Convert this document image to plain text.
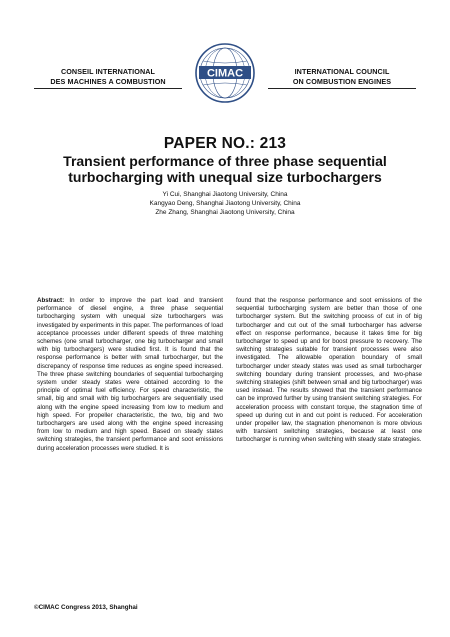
CONSEIL INTERNATIONAL
DES MACHINES A COMBUSTION
CIMAC	INTERNATIONAL COUNCIL
ON COMBUSTION ENGINES
PAPER NO.: 213
Transient performance of three phase sequential
turbocharging with unequal size turbochargers
Yi Cui, Shanghai Jiaotong University, China
Kangyao Deng, Shanghai Jiaotong University, China
Zhe Zhang, Shanghai Jiaotong University, China

Abstract: In order to improve the part load and transient performance of diesel engine, a three phase sequential turbocharging system with unequal size turbochargers was investigated by experiments in this paper. The performances of load acceptance processes under different speeds of three matching schemes (one small turbocharger, one big turbocharger and small with big turbochargers) were studied first. It is found that the response performance is better with small turbocharger, but the discrepancy of response time reduces as engine speed increased. The three phase switching boundaries of sequential turbocharging system under steady states were obtained according to the principle of optimal fuel efficiency. For speed characteristic, the small, big and small with big turbochargers are sequentially used along with the engine speed increasing from low to medium and high speed. For propeller characteristic, the two, big and two turbochargers are used along with the engine speed increasing from low to medium and high speed. Based on steady states switching strategies, the transient performance and soot emissions during acceleration processes were studied. It is

found that the response performance and soot emissions of the sequential turbocharging system are better than those of one turbocharger system. But the switching process of cut in of big turbocharger and cut out of the small turbocharger has adverse effect on response performance, because it takes time for big turbocharger to speed up and for boost pressure to recovery. The switching strategies suitable for transient processes were also investigated. The allowable operation boundary of small turbocharger under steady states was used as small turbocharger switching boundary during transient processes, and two-phase switching strategies (shift between small and big turbocharger) was used instead. The results showed that the transient performance can be improved further by using transient switching strategies. For acceleration process with constant torque, the stagnation time of speed up during cut in and cut point is reduced. For acceleration under propeller law, the stagnation phenomenon is more obvious with transient switching strategies, because at least one turbocharger is running when switching with steady state strategies.

©CIMAC Congress 2013, Shanghai
